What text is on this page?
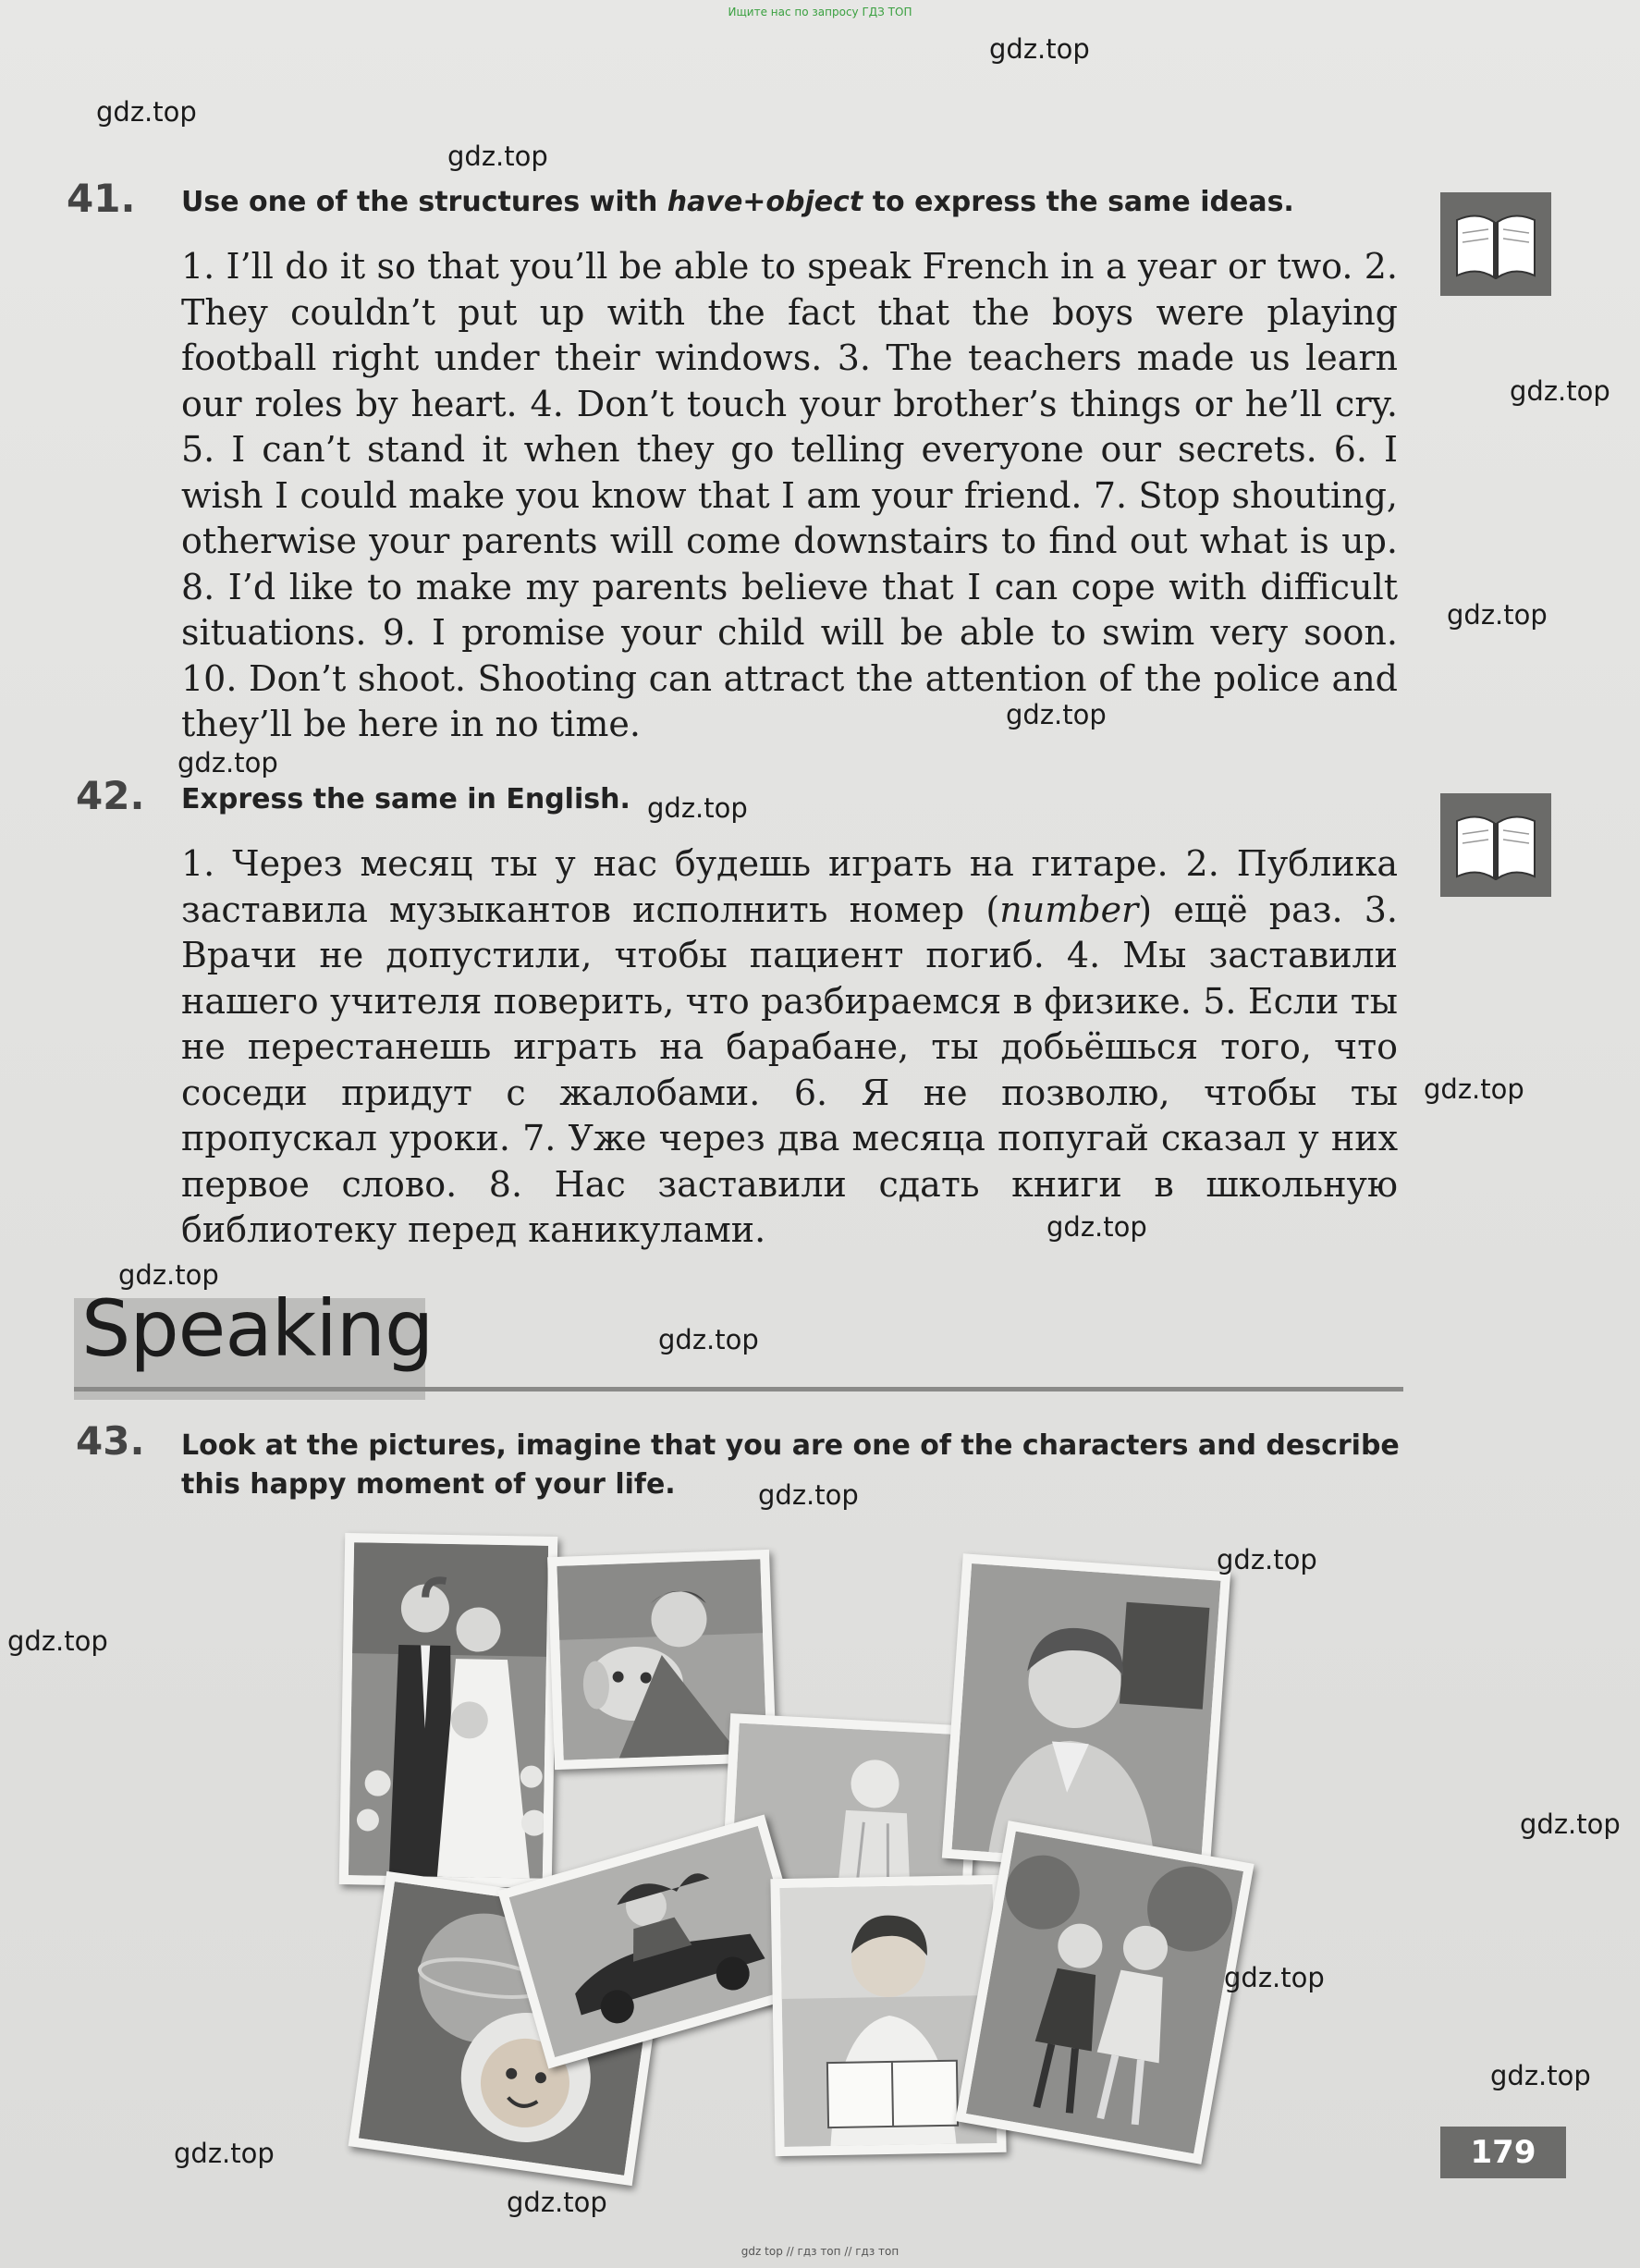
Ищите нас по запросу ГДЗ ТОП
41. Use one of the structures with have+object to express the same ideas.
1. I’ll do it so that you’ll be able to speak French in a year or two. 2. They couldn’t put up with the fact that the boys were playing football right under their windows. 3. The teachers made us learn our roles by heart. 4. Don’t touch your brother’s things or he’ll cry. 5. I can’t stand it when they go telling everyone our secrets. 6. I wish I could make you know that I am your friend. 7. Stop shouting, otherwise your parents will come downstairs to find out what is up. 8. I’d like to make my parents believe that I can cope with difficult situations. 9. I promise your child will be able to swim very soon. 10. Don’t shoot. Shooting can attract the attention of the police and they’ll be here in no time.
42. Express the same in English.
1. Через месяц ты у нас будешь играть на гитаре. 2. Публика заставила музыкантов исполнить номер (number) ещё раз. 3. Врачи не допустили, чтобы пациент погиб. 4. Мы заставили нашего учителя поверить, что разбираемся в физике. 5. Если ты не перестанешь играть на барабане, ты добьёшься того, что соседи придут с жалобами. 6. Я не позволю, чтобы ты пропускал уроки. 7. Уже через два месяца попугай сказал у них первое слово. 8. Нас заставили сдать книги в школьную библиотеку перед каникулами.
Speaking
43. Look at the pictures, imagine that you are one of the characters and describe this happy moment of your life.
179
gdz.top
gdz.top
gdz.top
gdz.top
gdz.top
gdz.top
gdz.top
gdz.top
gdz.top
gdz.top
gdz.top
gdz.top
gdz.top
gdz.top
gdz.top
gdz.top
gdz.top
gdz.top
gdz.top
gdz.top
gdz top // гдз топ // гдз топ
